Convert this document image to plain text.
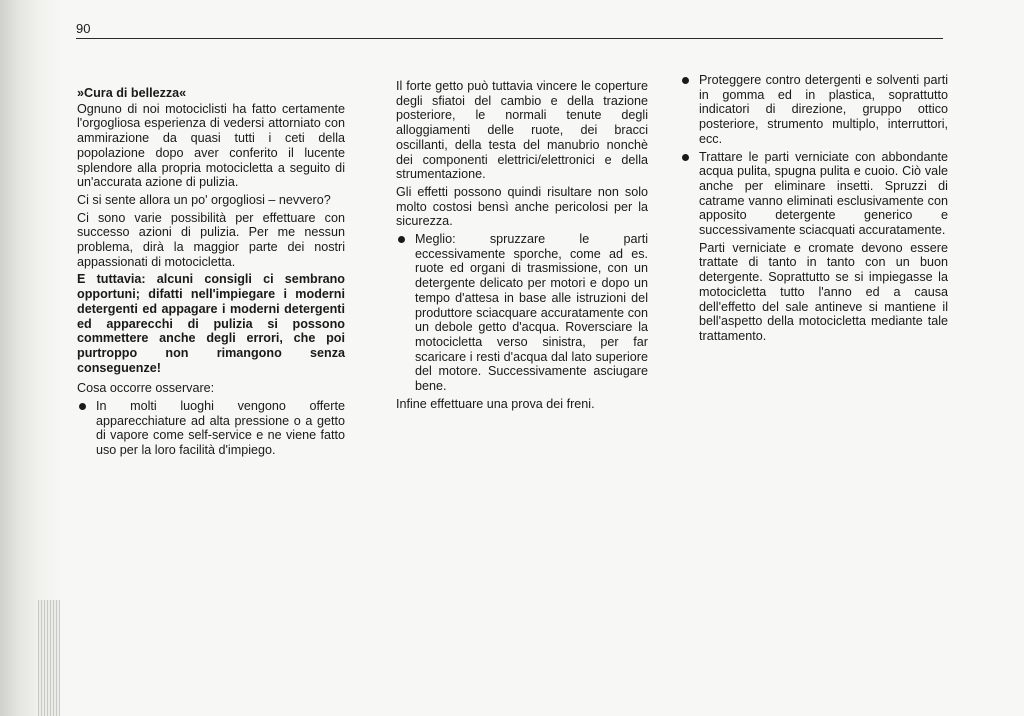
90

»Cura di bellezza«

Ognuno di noi motociclisti ha fatto certamente l'orgogliosa esperienza di vedersi attorniato con ammirazione da quasi tutti i ceti della popolazione dopo aver conferito il lucente splendore alla propria motocicletta a seguito di un'accurata azione di pulizia.

Ci si sente allora un po' orgogliosi – nevvero?

Ci sono varie possibilità per effettuare con successo azioni di pulizia. Per me nessun problema, dirà la maggior parte dei nostri appassionati di motocicletta.

E tuttavia: alcuni consigli ci sembrano opportuni; difatti nell'impiegare i moderni detergenti ed appagare i moderni detergenti ed apparecchi di pulizia si possono commettere anche degli errori, che poi purtroppo non rimangono senza conseguenze!

Cosa occorre osservare:

In molti luoghi vengono offerte apparecchiature ad alta pressione o a getto di vapore come self-service e ne viene fatto uso per la loro facilità d'impiego.

Il forte getto può tuttavia vincere le coperture degli sfiatoi del cambio e della trazione posteriore, le normali tenute degli alloggiamenti delle ruote, dei bracci oscillanti, della testa del manubrio nonchè dei componenti elettrici/elettronici e della strumentazione.

Gli effetti possono quindi risultare non solo molto costosi bensì anche pericolosi per la sicurezza.

Meglio: spruzzare le parti eccessivamente sporche, come ad es. ruote ed organi di trasmissione, con un detergente delicato per motori e dopo un tempo d'attesa in base alle istruzioni del produttore sciacquare accuratamente con un debole getto d'acqua. Roversciare la motocicletta verso sinistra, per far scaricare i resti d'acqua dal lato superiore del motore. Successivamente asciugare bene.

Infine effettuare una prova dei freni.

Proteggere contro detergenti e solventi parti in gomma ed in plastica, soprattutto indicatori di direzione, gruppo ottico posteriore, strumento multiplo, interruttori, ecc.
Trattare le parti verniciate con abbondante acqua pulita, spugna pulita e cuoio. Ciò vale anche per eliminare insetti. Spruzzi di catrame vanno eliminati esclusivamente con apposito detergente generico e successivamente sciacquati accuratamente.

Parti verniciate e cromate devono essere trattate di tanto in tanto con un buon detergente. Soprattutto se si impiegasse la motocicletta tutto l'anno ed a causa dell'effetto del sale antineve si mantiene il bell'aspetto della motocicletta mediante tale trattamento.
